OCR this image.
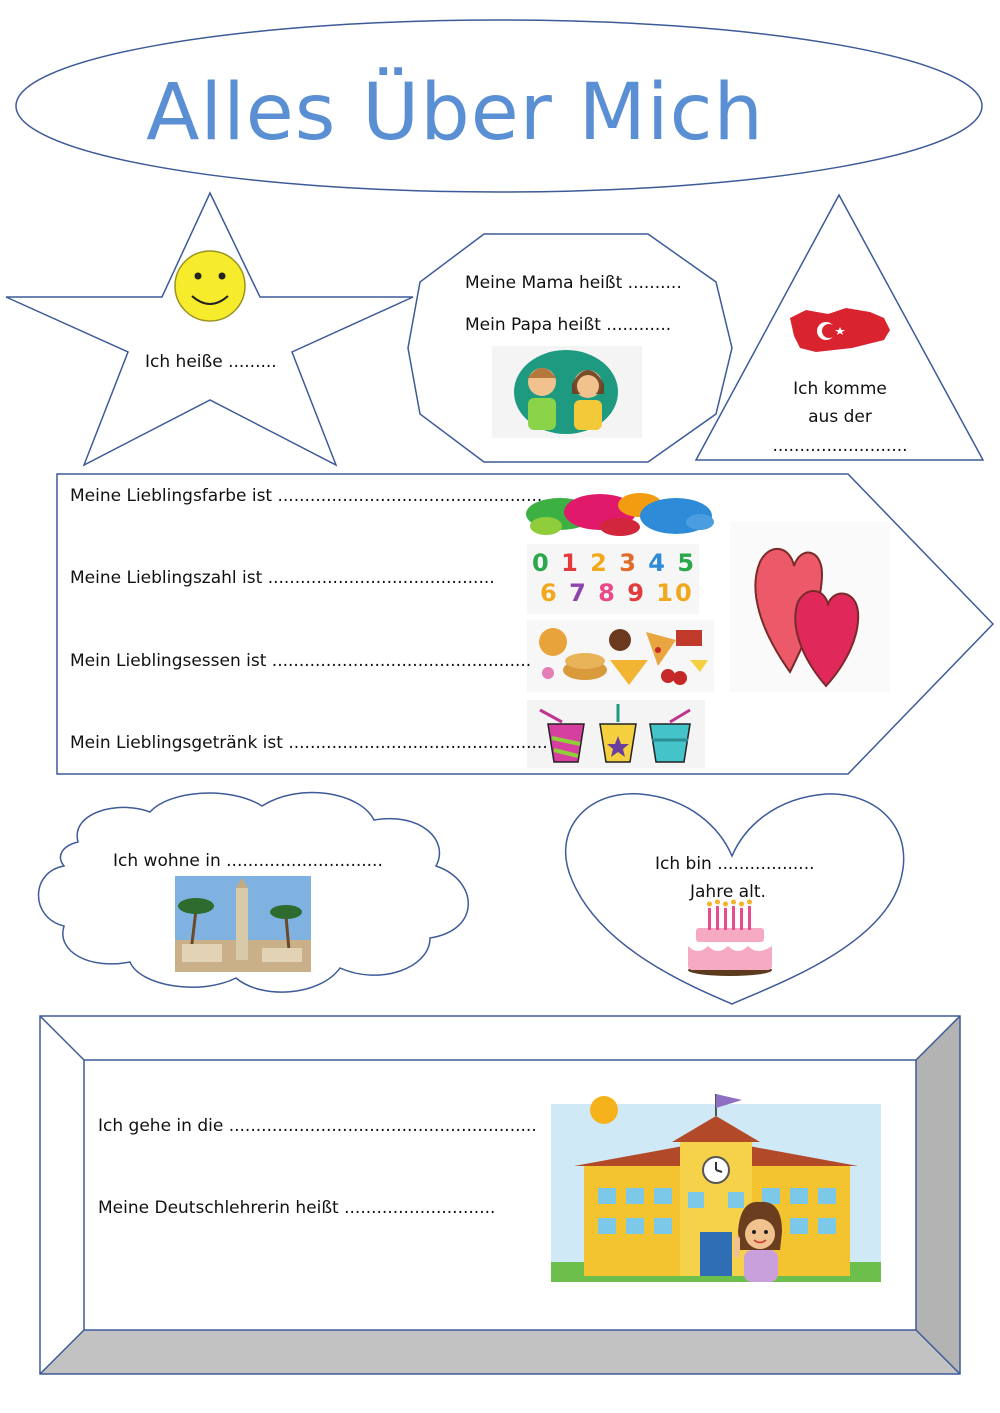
0 1 2 3 4 5
6 7 8 9 10
Alles Über Mich
Ich heiße .........
Meine Mama heißt ..........
Mein Papa heißt ............
Ich komme
aus der
.........................
Meine Lieblingsfarbe ist .................................................
Meine Lieblingszahl ist ..........................................
Mein Lieblingsessen ist ................................................
Mein Lieblingsgetränk ist ................................................
Ich wohne in .............................	Ich bin ..................
Jahre alt.
Ich gehe in die .........................................................
Meine Deutschlehrerin heißt ............................
